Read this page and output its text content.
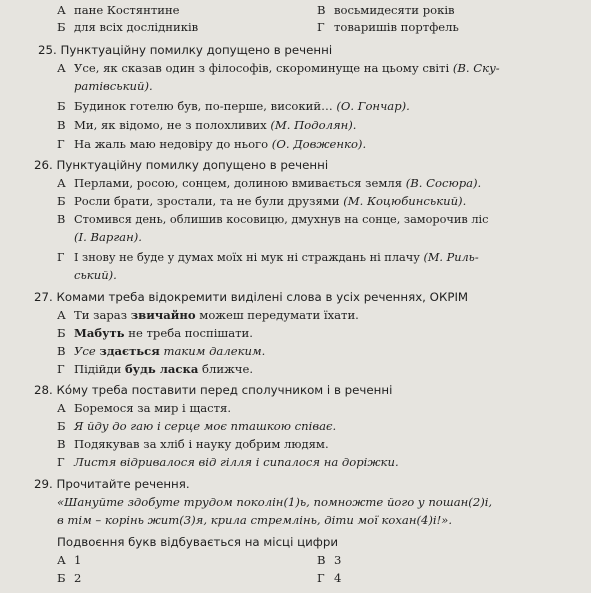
А пане Костянтине	В восьмидесяти років
Б для всіх дослідників	Г товаришів портфель
25. Пунктуаційну помилку допущено в реченні
А Усе, як сказав один з філософів, скороминуще на цьому світі (В. Ску-
ратівський).
Б Будинок готелю був, по-перше, високий… (О. Гончар).
В Ми, як відомо, не з полохливих (М. Подолян).
Г На жаль маю недовіру до нього (О. Довженко).
26. Пунктуаційну помилку допущено в реченні
А Перлами, росою, сонцем, долиною вмивається земля (В. Сосюра).
Б Росли брати, зростали, та не були друзями (М. Коцюбинський).
В Стомився день, облишив косовицю, дмухнув на сонце, заморочив ліс
(І. Варган).
Г І знову не буде у думах моїх ні мук ні страждань ні плачу (М. Риль-
ський).
27. Комами треба відокремити виділені слова в усіх реченнях, ОКРІМ
А Ти зараз звичайно можеш передумати їхати.
Б Мабуть не треба поспішати.
В Усе здається таким далеким.
Г Підійди будь ласка ближче.
28. Кóму треба поставити перед сполучником і в реченні
А Боремося за мир і щастя.
Б Я йду до гаю і серце моє пташкою співає.
В Подякував за хліб і науку добрим людям.
Г Листя відривалося від гілля і сипалося на доріжки.
29. Прочитайте речення.
«Шануйте здобуте трудом поколін(1)ь, помножте його у пошан(2)і,
в тім – корінь жит(3)я, крила стремлінь, діти мої кохан(4)і!».
Подвоєння букв відбувається на місці цифри
А 1	В 3
Б 2	Г 4
